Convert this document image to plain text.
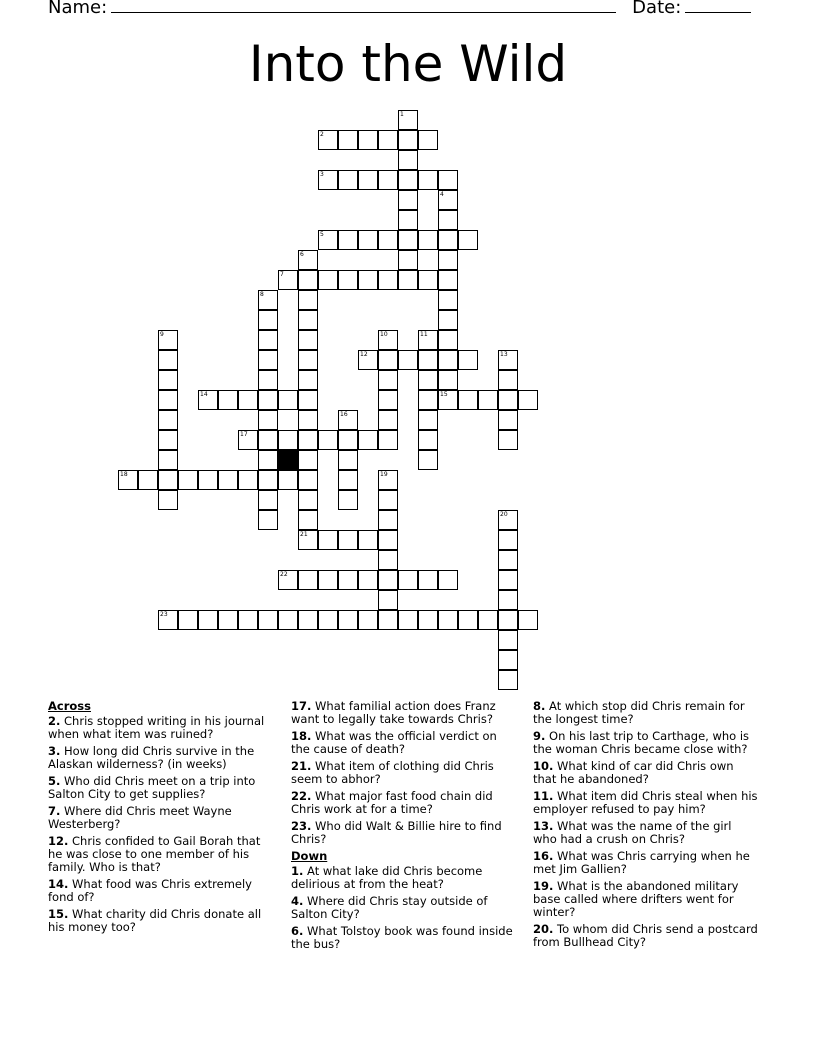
Name:	Date:
Into the Wild
1
2
3
4
15
5
6
21
7
8
9	10	11
12	13
14
16
17
18	19
20
22
23
Across
2. Chris stopped writing in his journal when what item was ruined?
3. How long did Chris survive in the Alaskan wilderness? (in weeks)
5. Who did Chris meet on a trip into Salton City to get supplies?
7. Where did Chris meet Wayne Westerberg?
12. Chris confided to Gail Borah that he was close to one member of his family. Who is that?
14. What food was Chris extremely fond of?
15. What charity did Chris donate all his money too?
17. What familial action does Franz want to legally take towards Chris?
18. What was the official verdict on the cause of death?
21. What item of clothing did Chris seem to abhor?
22. What major fast food chain did Chris work at for a time?
23. Who did Walt & Billie hire to find Chris?
Down
1. At what lake did Chris become delirious at from the heat?
4. Where did Chris stay outside of Salton City?
6. What Tolstoy book was found inside the bus?
8. At which stop did Chris remain for the longest time?
9. On his last trip to Carthage, who is the woman Chris became close with?
10. What kind of car did Chris own that he abandoned?
11. What item did Chris steal when his employer refused to pay him?
13. What was the name of the girl who had a crush on Chris?
16. What was Chris carrying when he met Jim Gallien?
19. What is the abandoned military base called where drifters went for winter?
20. To whom did Chris send a postcard from Bullhead City?
